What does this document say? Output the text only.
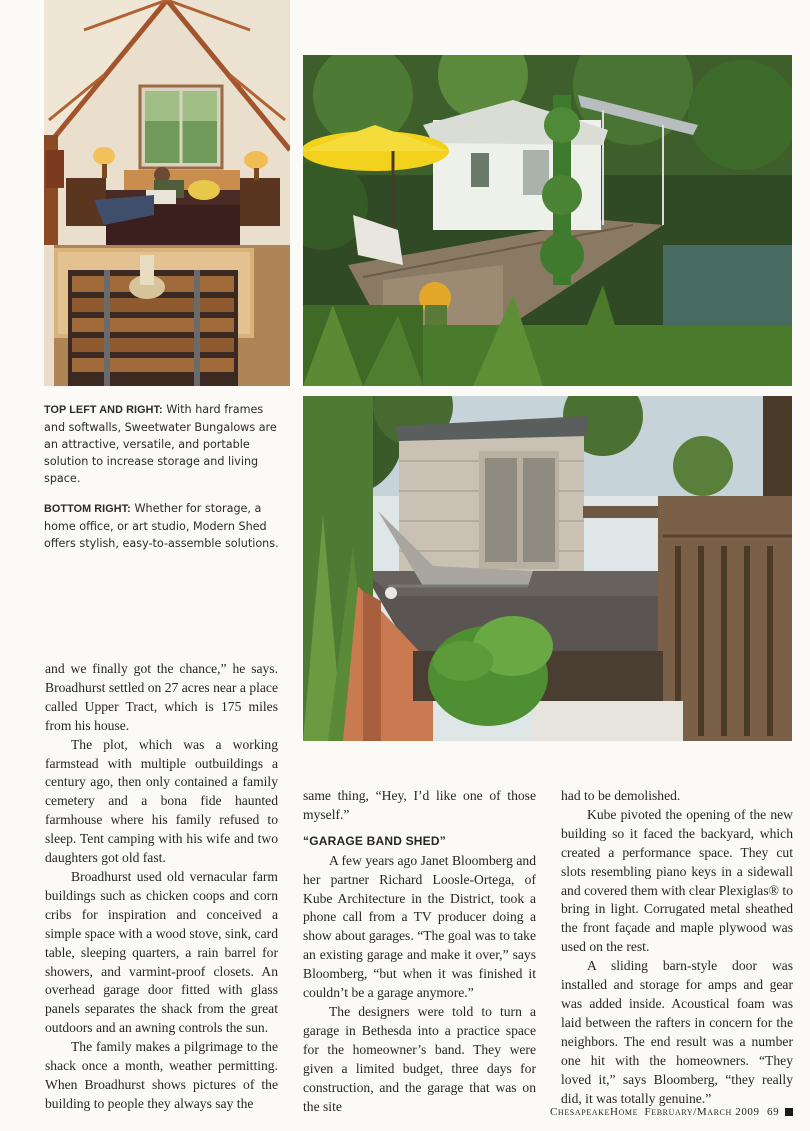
TOP LEFT AND RIGHT: With hard frames and softwalls, Sweetwater Bungalows are an attractive, versatile, and portable solution to increase storage and living space.

BOTTOM RIGHT: Whether for storage, a home office, or art studio, Modern Shed offers stylish, easy-to-assemble solutions.

and we finally got the chance,” he says. Broadhurst settled on 27 acres near a place called Upper Tract, which is 175 miles from his house.

The plot, which was a working farmstead with multiple outbuildings a century ago, then only contained a family cemetery and a bona fide haunted farmhouse where his family refused to sleep. Tent camping with his wife and two daughters got old fast.

Broadhurst used old vernacular farm buildings such as chicken coops and corn cribs for inspiration and conceived a simple space with a wood stove, sink, card table, sleeping quarters, a rain barrel for showers, and varmint-proof closets. An overhead garage door fitted with glass panels separates the shack from the great outdoors and an awning controls the sun.

The family makes a pilgrimage to the shack once a month, weather permitting. When Broadhurst shows pictures of the building to people they always say the

same thing, “Hey, I’d like one of those myself.”

“GARAGE BAND SHED”

A few years ago Janet Bloomberg and her partner Richard Loosle-Ortega, of Kube Architecture in the District, took a phone call from a TV producer doing a show about garages. “The goal was to take an existing garage and make it over,” says Bloomberg, “but when it was finished it couldn’t be a garage anymore.”

The designers were told to turn a garage in Bethesda into a practice space for the homeowner’s band. They were given a limited budget, three days for construction, and the garage that was on the site

had to be demolished.

Kube pivoted the opening of the new building so it faced the backyard, which created a performance space. They cut slots resembling piano keys in a sidewall and covered them with clear Plexiglas® to bring in light. Corrugated metal sheathed the front façade and maple plywood was used on the rest.

A sliding barn-style door was installed and storage for amps and gear was added inside. Acoustical foam was laid between the rafters in concern for the neighbors. The end result was a number one hit with the homeowners. “They loved it,” says Bloomberg, “they really did, it was totally genuine.”

ChesapeakeHome February/March 2009 69
